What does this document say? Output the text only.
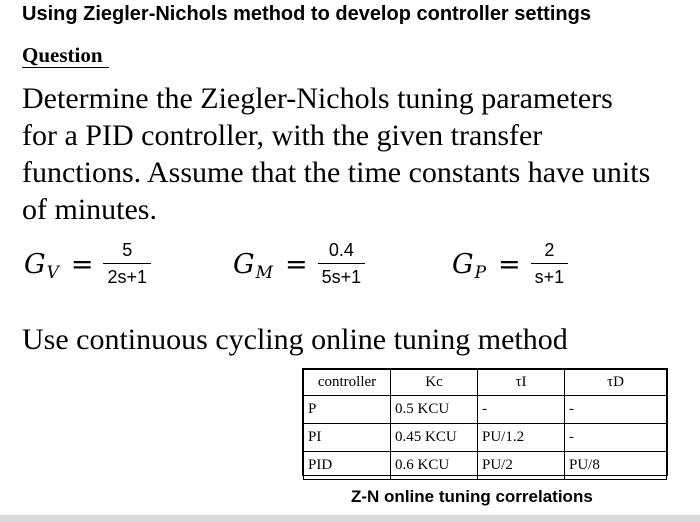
Using Ziegler-Nichols method to develop controller settings
Question
Determine the Ziegler-Nichols tuning parameters
for a PID controller, with the given transfer
functions. Assume that the time constants have units
of minutes.
$G_V = \frac{5}{2s+1}$	$G_M = \frac{0.4}{5s+1}$	$G_P = \frac{2}{s+1}$
Use continuous cycling online tuning method
controller	Kc	τI	τD
P	0.5 KCU	-	-
PI	0.45 KCU	PU/1.2	-
PID	0.6 KCU	PU/2	PU/8
Z-N online tuning correlations
